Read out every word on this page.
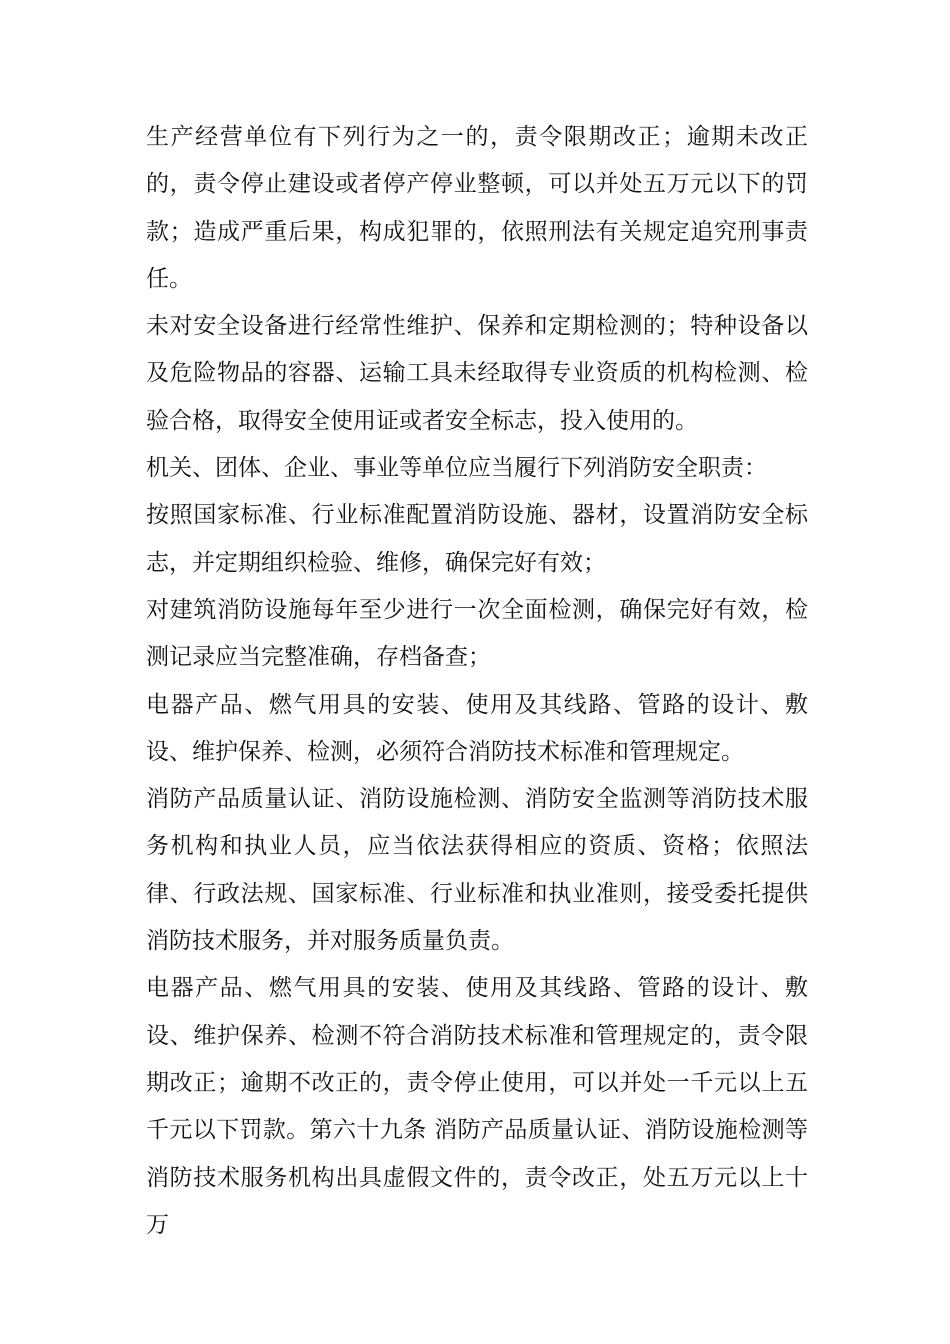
生产经营单位有下列行为之一的，责令限期改正；逾期未改正的，责令停止建设或者停产停业整顿，可以并处五万元以下的罚款；造成严重后果，构成犯罪的，依照刑法有关规定追究刑事责任。

未对安全设备进行经常性维护、保养和定期检测的；特种设备以及危险物品的容器、运输工具未经取得专业资质的机构检测、检验合格，取得安全使用证或者安全标志，投入使用的。

机关、团体、企业、事业等单位应当履行下列消防安全职责：

按照国家标准、行业标准配置消防设施、器材，设置消防安全标志，并定期组织检验、维修，确保完好有效；

对建筑消防设施每年至少进行一次全面检测，确保完好有效，检测记录应当完整准确，存档备查；

电器产品、燃气用具的安装、使用及其线路、管路的设计、敷设、维护保养、检测，必须符合消防技术标准和管理规定。

消防产品质量认证、消防设施检测、消防安全监测等消防技术服务机构和执业人员，应当依法获得相应的资质、资格；依照法律、行政法规、国家标准、行业标准和执业准则，接受委托提供消防技术服务，并对服务质量负责。

电器产品、燃气用具的安装、使用及其线路、管路的设计、敷设、维护保养、检测不符合消防技术标准和管理规定的，责令限期改正；逾期不改正的，责令停止使用，可以并处一千元以上五千元以下罚款。第六十九条 消防产品质量认证、消防设施检测等消防技术服务机构出具虚假文件的，责令改正，处五万元以上十万
